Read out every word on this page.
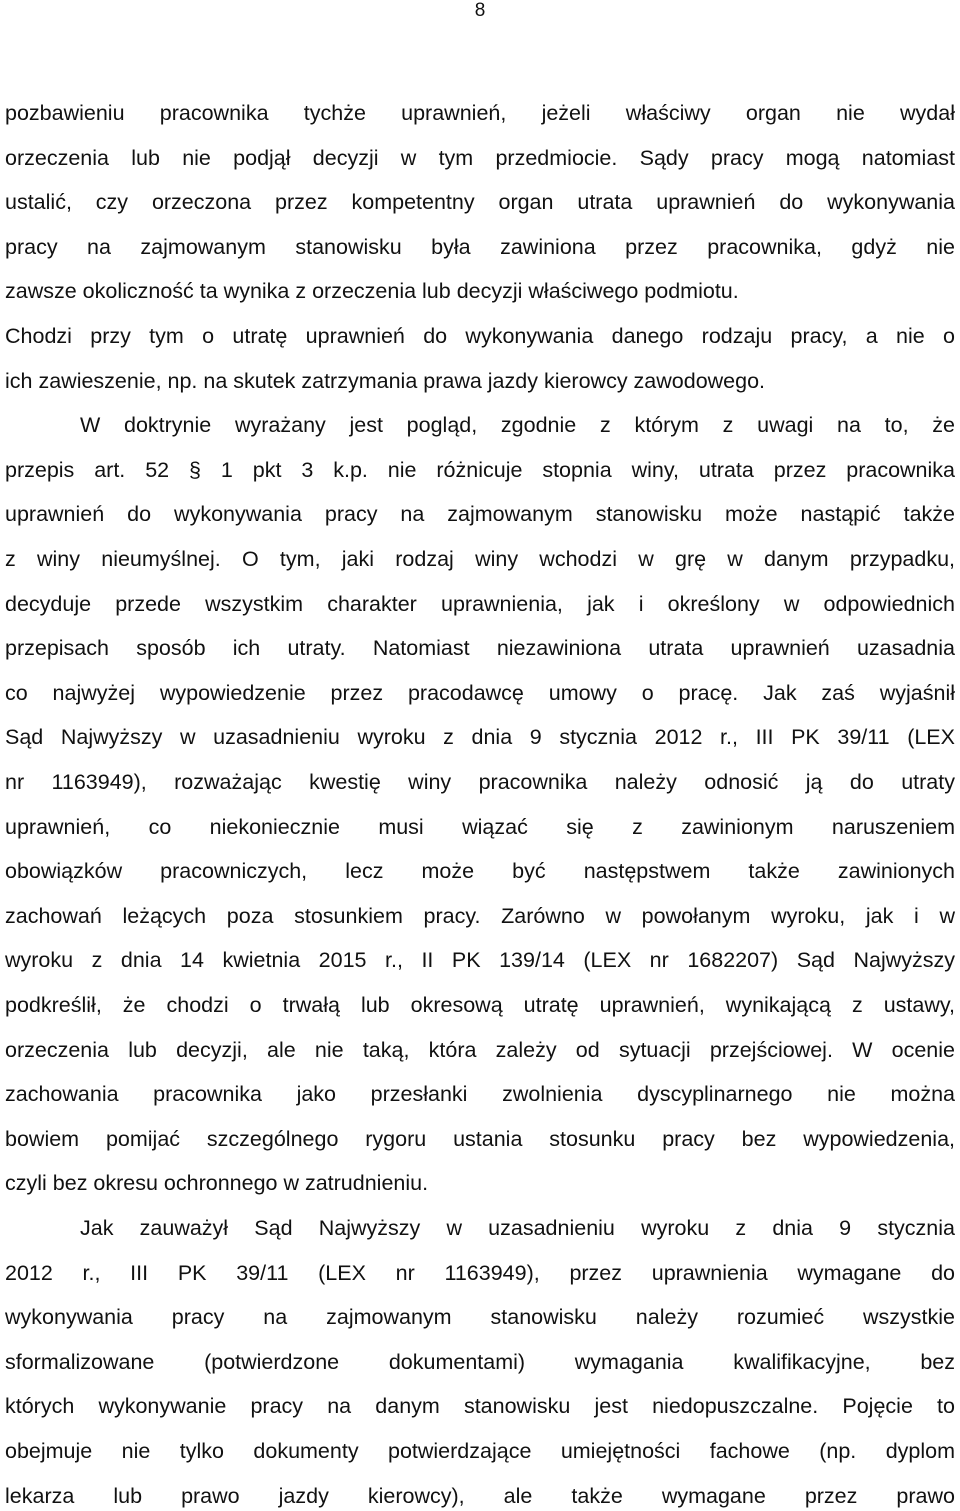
8
pozbawieniu pracownika tychże uprawnień, jeżeli właściwy organ nie wydał
orzeczenia lub nie podjął decyzji w tym przedmiocie. Sądy pracy mogą natomiast
ustalić, czy orzeczona przez kompetentny organ utrata uprawnień do wykonywania
pracy na zajmowanym stanowisku była zawiniona przez pracownika, gdyż nie
zawsze okoliczność ta wynika z orzeczenia lub decyzji właściwego podmiotu.
Chodzi przy tym o utratę uprawnień do wykonywania danego rodzaju pracy, a nie o
ich zawieszenie, np. na skutek zatrzymania prawa jazdy kierowcy zawodowego.
W doktrynie wyrażany jest pogląd, zgodnie z którym z uwagi na to, że
przepis art. 52 § 1 pkt 3 k.p. nie różnicuje stopnia winy, utrata przez pracownika
uprawnień do wykonywania pracy na zajmowanym stanowisku może nastąpić także
z winy nieumyślnej. O tym, jaki rodzaj winy wchodzi w grę w danym przypadku,
decyduje przede wszystkim charakter uprawnienia, jak i określony w odpowiednich
przepisach sposób ich utraty. Natomiast niezawiniona utrata uprawnień uzasadnia
co najwyżej wypowiedzenie przez pracodawcę umowy o pracę. Jak zaś wyjaśnił
Sąd Najwyższy w uzasadnieniu wyroku z dnia 9 stycznia 2012 r., III PK 39/11 (LEX
nr 1163949), rozważając kwestię winy pracownika należy odnosić ją do utraty
uprawnień, co niekoniecznie musi wiązać się z zawinionym naruszeniem
obowiązków pracowniczych, lecz może być następstwem także zawinionych
zachowań leżących poza stosunkiem pracy. Zarówno w powołanym wyroku, jak i w
wyroku z dnia 14 kwietnia 2015 r., II PK 139/14 (LEX nr 1682207) Sąd Najwyższy
podkreślił, że chodzi o trwałą lub okresową utratę uprawnień, wynikającą z ustawy,
orzeczenia lub decyzji, ale nie taką, która zależy od sytuacji przejściowej. W ocenie
zachowania pracownika jako przesłanki zwolnienia dyscyplinarnego nie można
bowiem pomijać szczególnego rygoru ustania stosunku pracy bez wypowiedzenia,
czyli bez okresu ochronnego w zatrudnieniu.
Jak zauważył Sąd Najwyższy w uzasadnieniu wyroku z dnia 9 stycznia
2012 r., III PK 39/11 (LEX nr 1163949), przez uprawnienia wymagane do
wykonywania pracy na zajmowanym stanowisku należy rozumieć wszystkie
sformalizowane (potwierdzone dokumentami) wymagania kwalifikacyjne, bez
których wykonywanie pracy na danym stanowisku jest niedopuszczalne. Pojęcie to
obejmuje nie tylko dokumenty potwierdzające umiejętności fachowe (np. dyplom
lekarza lub prawo jazdy kierowcy), ale także wymagane przez prawo
